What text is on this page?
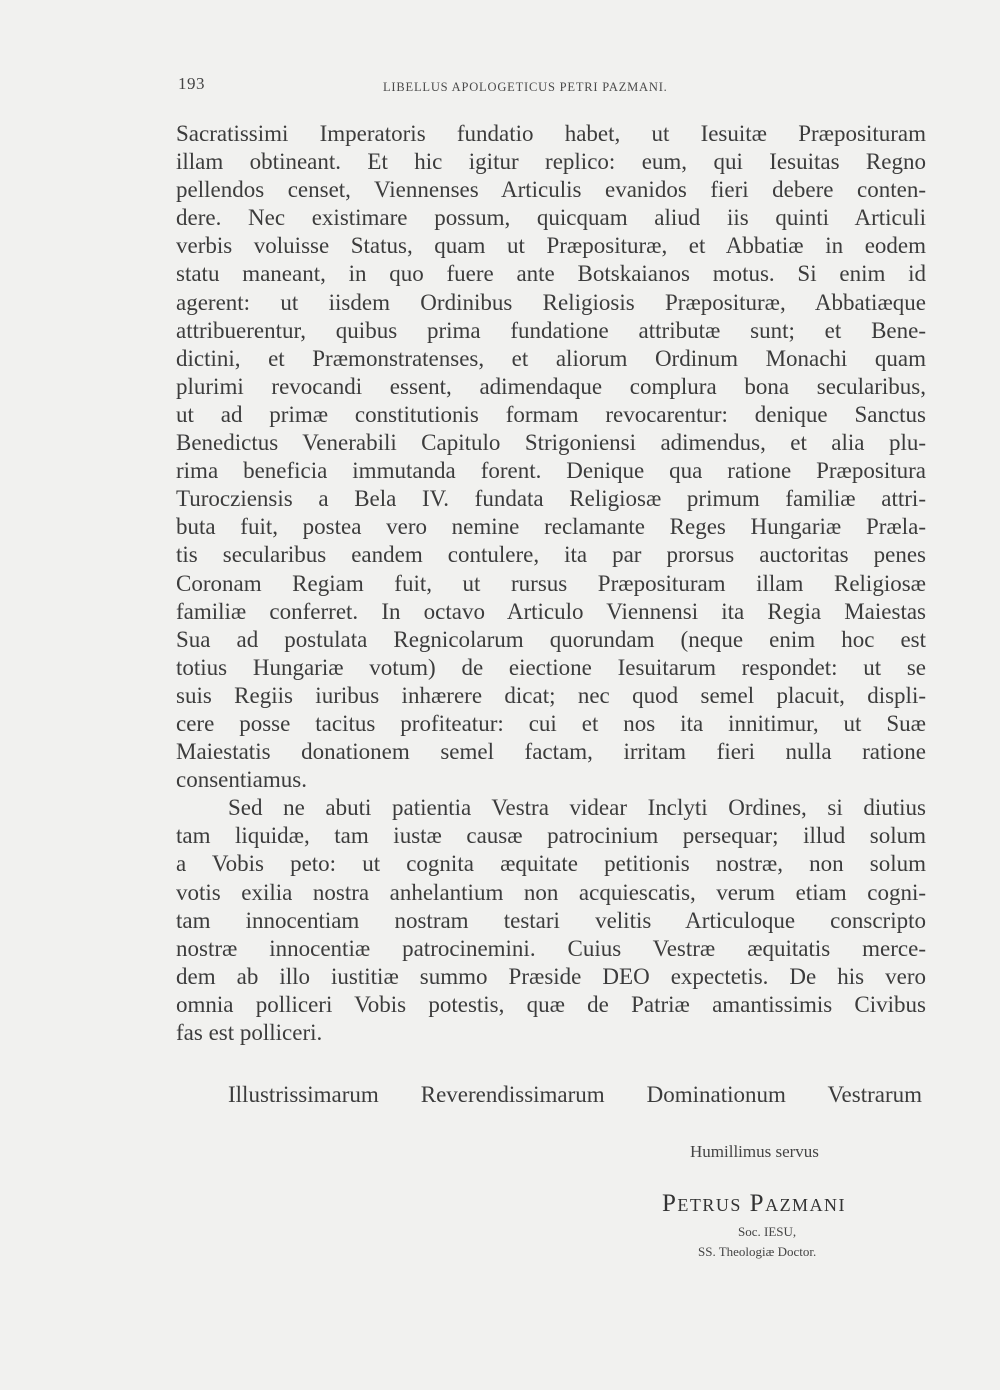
193	LIBELLUS APOLOGETICUS PETRI PAZMANI.
Sacratissimi Imperatoris fundatio habet, ut Iesuitæ Præposituram
illam obtineant. Et hic igitur replico: eum, qui Iesuitas Regno
pellendos censet, Viennenses Articulis evanidos fieri debere conten-
dere. Nec existimare possum, quicquam aliud iis quinti Articuli
verbis voluisse Status, quam ut Præposituræ, et Abbatiæ in eodem
statu maneant, in quo fuere ante Botskaianos motus. Si enim id
agerent: ut iisdem Ordinibus Religiosis Præposituræ, Abbatiæque
attribuerentur, quibus prima fundatione attributæ sunt; et Bene-
dictini, et Præmonstratenses, et aliorum Ordinum Monachi quam
plurimi revocandi essent, adimendaque complura bona secularibus,
ut ad primæ constitutionis formam revocarentur: denique Sanctus
Benedictus Venerabili Capitulo Strigoniensi adimendus, et alia plu-
rima beneficia immutanda forent. Denique qua ratione Præpositura
Turocziensis a Bela IV. fundata Religiosæ primum familiæ attri-
buta fuit, postea vero nemine reclamante Reges Hungariæ Præla-
tis secularibus eandem contulere, ita par prorsus auctoritas penes
Coronam Regiam fuit, ut rursus Præposituram illam Religiosæ
familiæ conferret. In octavo Articulo Viennensi ita Regia Maiestas
Sua ad postulata Regnicolarum quorundam (neque enim hoc est
totius Hungariæ votum) de eiectione Iesuitarum respondet: ut se
suis Regiis iuribus inhærere dicat; nec quod semel placuit, displi-
cere posse tacitus profiteatur: cui et nos ita innitimur, ut Suæ
Maiestatis donationem semel factam, irritam fieri nulla ratione
consentiamus.
Sed ne abuti patientia Vestra videar Inclyti Ordines, si diutius
tam liquidæ, tam iustæ causæ patrocinium persequar; illud solum
a Vobis peto: ut cognita æquitate petitionis nostræ, non solum
votis exilia nostra anhelantium non acquiescatis, verum etiam cogni-
tam innocentiam nostram testari velitis Articuloque conscripto
nostræ innocentiæ patrocinemini. Cuius Vestræ æquitatis merce-
dem ab illo iustitiæ summo Præside DEO expectetis. De his vero
omnia polliceri Vobis potestis, quæ de Patriæ amantissimis Civibus
fas est polliceri.
Illustrissimarum Reverendissimarum Dominationum Vestrarum
Humillimus servus
Petrus Pazmani
Soc. IESU,
SS. Theologiæ Doctor.
